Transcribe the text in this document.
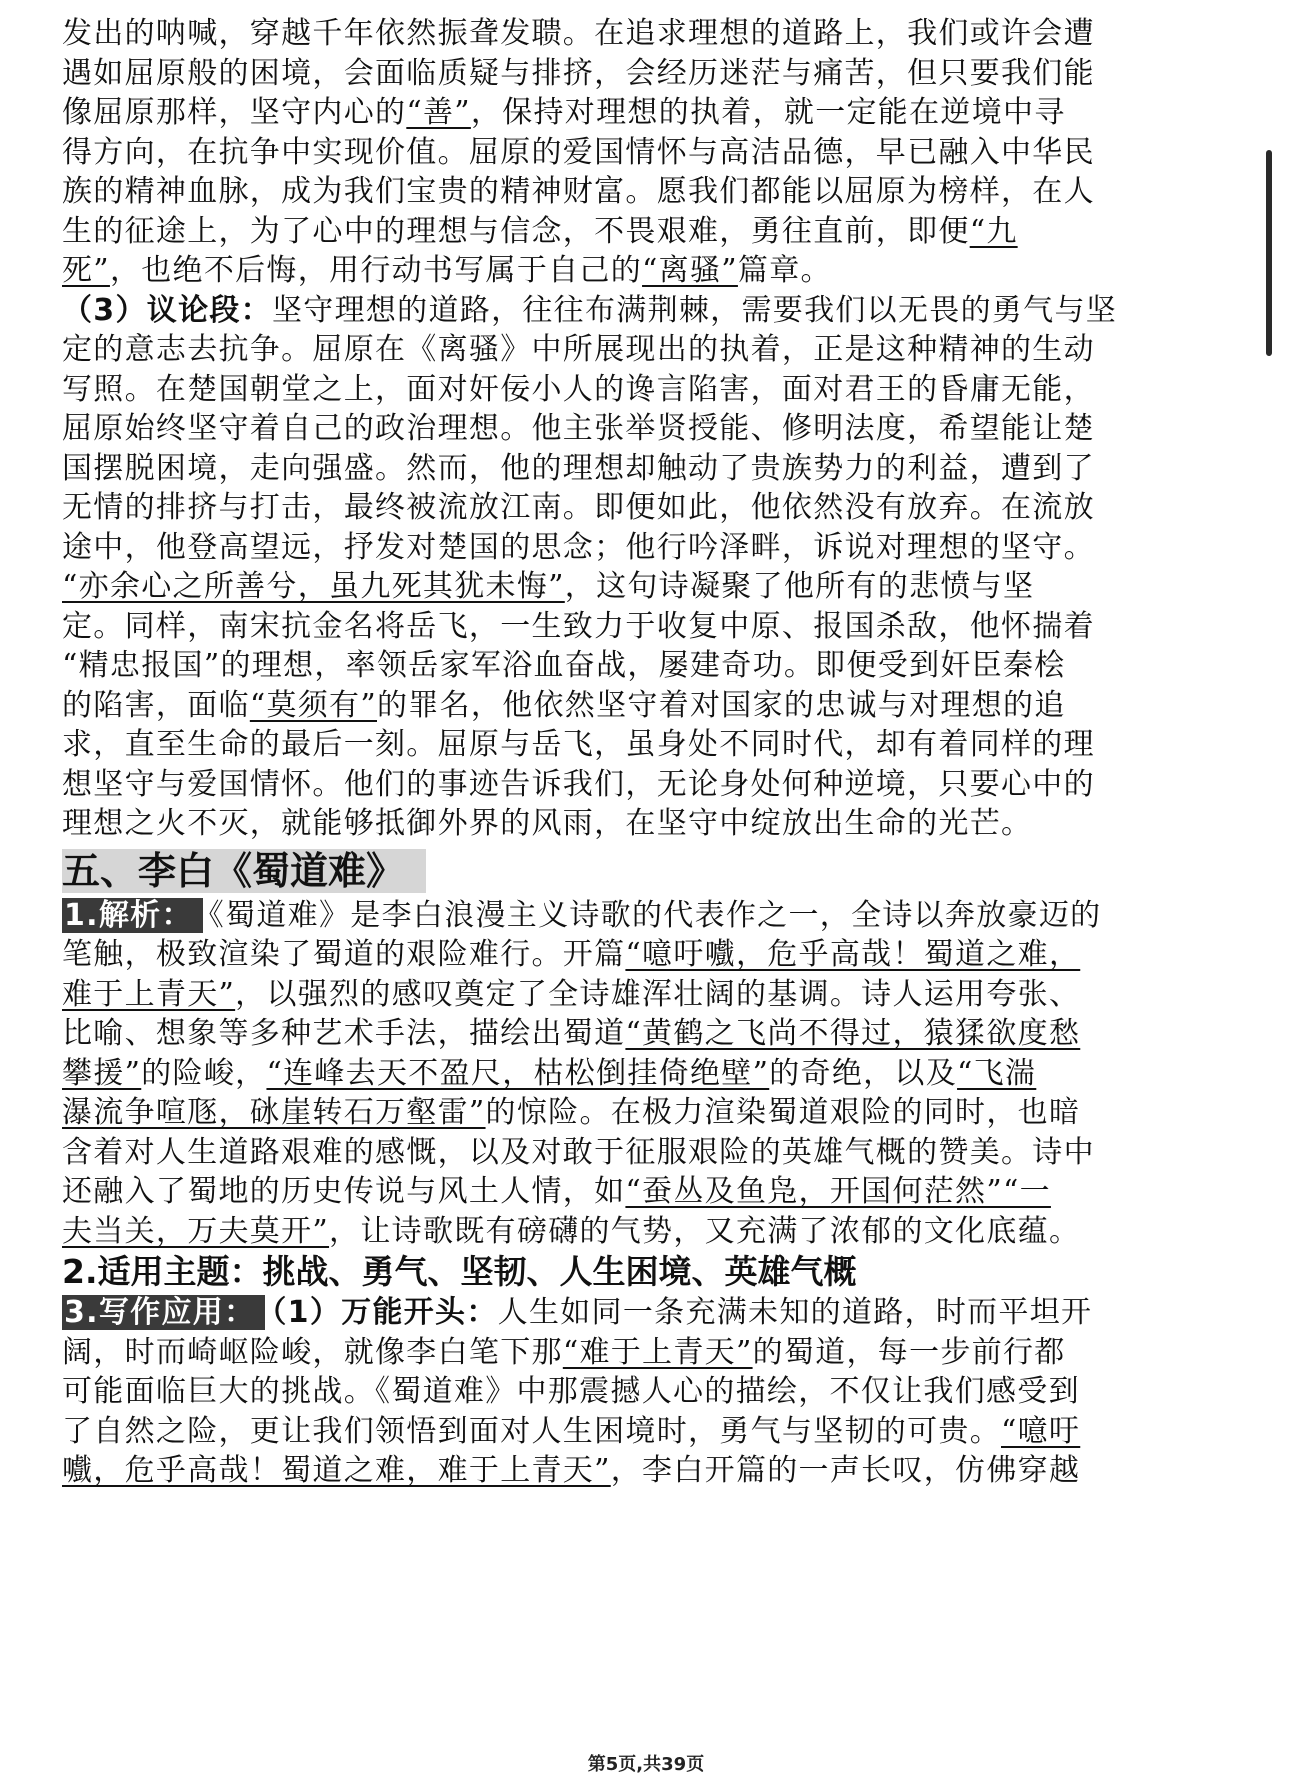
发出的呐喊，穿越千年依然振聋发聩。在追求理想的道路上，我们或许会遭
遇如屈原般的困境，会面临质疑与排挤，会经历迷茫与痛苦，但只要我们能
像屈原那样，坚守内心的“善”，保持对理想的执着，就一定能在逆境中寻
得方向，在抗争中实现价值。屈原的爱国情怀与高洁品德，早已融入中华民
族的精神血脉，成为我们宝贵的精神财富。愿我们都能以屈原为榜样，在人
生的征途上，为了心中的理想与信念，不畏艰难，勇往直前，即便“九
死”，也绝不后悔，用行动书写属于自己的“离骚”篇章。
（3）议论段：坚守理想的道路，往往布满荆棘，需要我们以无畏的勇气与坚
定的意志去抗争。屈原在《离骚》中所展现出的执着，正是这种精神的生动
写照。在楚国朝堂之上，面对奸佞小人的谗言陷害，面对君王的昏庸无能，
屈原始终坚守着自己的政治理想。他主张举贤授能、修明法度，希望能让楚
国摆脱困境，走向强盛。然而，他的理想却触动了贵族势力的利益，遭到了
无情的排挤与打击，最终被流放江南。即便如此，他依然没有放弃。在流放
途中，他登高望远，抒发对楚国的思念；他行吟泽畔，诉说对理想的坚守。
“亦余心之所善兮，虽九死其犹未悔”，这句诗凝聚了他所有的悲愤与坚
定。同样，南宋抗金名将岳飞，一生致力于收复中原、报国杀敌，他怀揣着
“精忠报国”的理想，率领岳家军浴血奋战，屡建奇功。即便受到奸臣秦桧
的陷害，面临“莫须有”的罪名，他依然坚守着对国家的忠诚与对理想的追
求，直至生命的最后一刻。屈原与岳飞，虽身处不同时代，却有着同样的理
想坚守与爱国情怀。他们的事迹告诉我们，无论身处何种逆境，只要心中的
理想之火不灭，就能够抵御外界的风雨，在坚守中绽放出生命的光芒。
五、李白《蜀道难》
1.解析： 《蜀道难》是李白浪漫主义诗歌的代表作之一，全诗以奔放豪迈的
笔触，极致渲染了蜀道的艰险难行。开篇“噫吁嚱，危乎高哉！蜀道之难，
难于上青天”，以强烈的感叹奠定了全诗雄浑壮阔的基调。诗人运用夸张、
比喻、想象等多种艺术手法，描绘出蜀道“黄鹤之飞尚不得过，猿猱欲度愁
攀援”的险峻，“连峰去天不盈尺，枯松倒挂倚绝壁”的奇绝，以及“飞湍
瀑流争喧豗，砯崖转石万壑雷”的惊险。在极力渲染蜀道艰险的同时，也暗
含着对人生道路艰难的感慨，以及对敢于征服艰险的英雄气概的赞美。诗中
还融入了蜀地的历史传说与风土人情，如“蚕丛及鱼凫，开国何茫然”“一
夫当关，万夫莫开”，让诗歌既有磅礴的气势，又充满了浓郁的文化底蕴。
2.适用主题：挑战、勇气、坚韧、人生困境、英雄气概
3.写作应用： （1）万能开头：人生如同一条充满未知的道路，时而平坦开
阔，时而崎岖险峻，就像李白笔下那“难于上青天”的蜀道，每一步前行都
可能面临巨大的挑战。《蜀道难》中那震撼人心的描绘，不仅让我们感受到
了自然之险，更让我们领悟到面对人生困境时，勇气与坚韧的可贵。“噫吁
嚱，危乎高哉！蜀道之难，难于上青天”，李白开篇的一声长叹，仿佛穿越
第5页,共39页
